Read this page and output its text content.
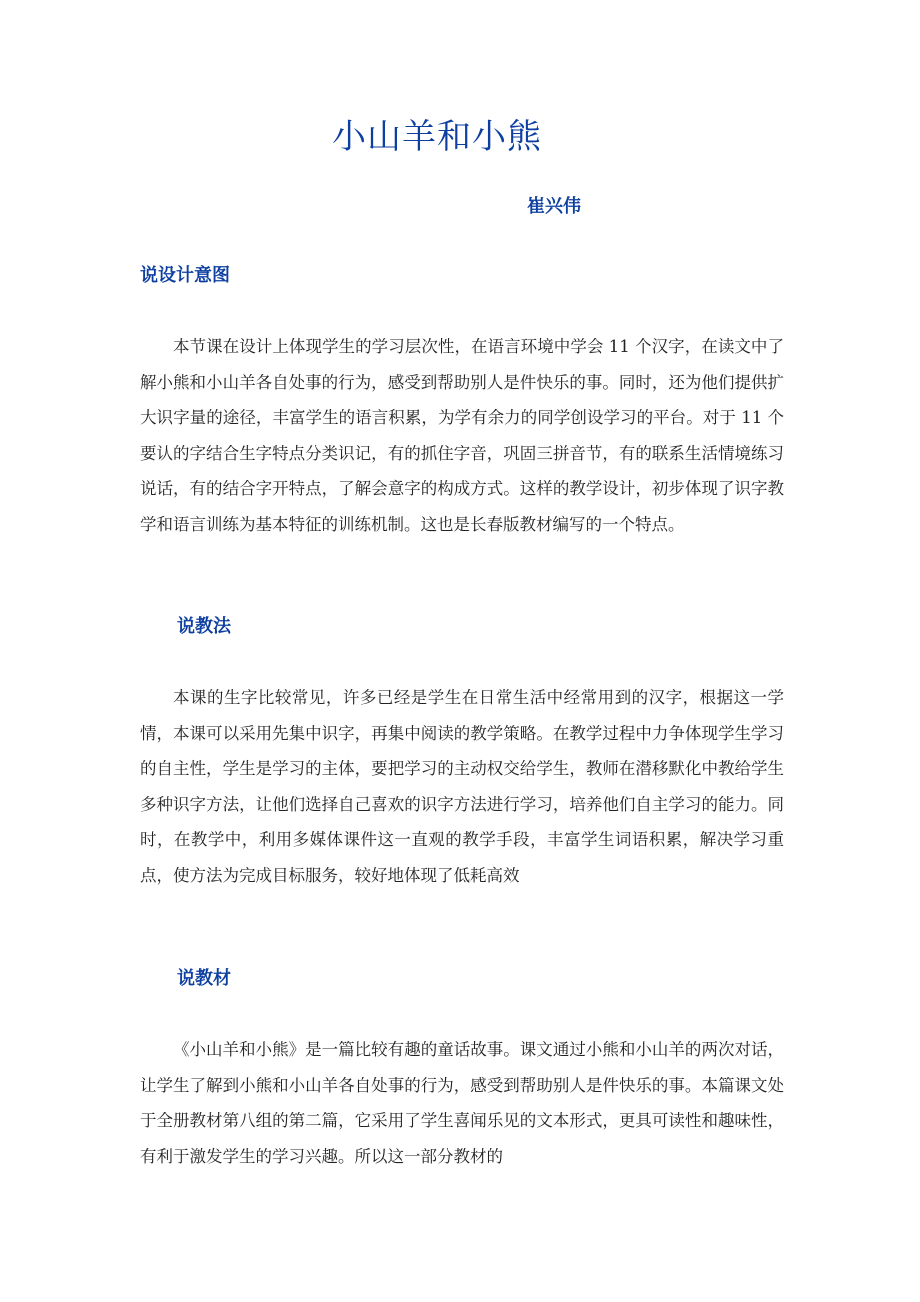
小山羊和小熊
崔兴伟
说设计意图
本节课在设计上体现学生的学习层次性，在语言环境中学会 11 个汉字，在读文中了解小熊和小山羊各自处事的行为，感受到帮助别人是件快乐的事。同时，还为他们提供扩大识字量的途径，丰富学生的语言积累，为学有余力的同学创设学习的平台。对于 11 个要认的字结合生字特点分类识记，有的抓住字音，巩固三拼音节，有的联系生活情境练习说话，有的结合字开特点，了解会意字的构成方式。这样的教学设计，初步体现了识字教学和语言训练为基本特征的训练机制。这也是长春版教材编写的一个特点。
说教法
本课的生字比较常见，许多已经是学生在日常生活中经常用到的汉字，根据这一学情，本课可以采用先集中识字，再集中阅读的教学策略。在教学过程中力争体现学生学习的自主性，学生是学习的主体，要把学习的主动权交给学生，教师在潜移默化中教给学生多种识字方法，让他们选择自己喜欢的识字方法进行学习，培养他们自主学习的能力。同时，在教学中，利用多媒体课件这一直观的教学手段，丰富学生词语积累，解决学习重点，使方法为完成目标服务，较好地体现了低耗高效
说教材
《小山羊和小熊》是一篇比较有趣的童话故事。课文通过小熊和小山羊的两次对话，让学生了解到小熊和小山羊各自处事的行为，感受到帮助别人是件快乐的事。本篇课文处于全册教材第八组的第二篇，它采用了学生喜闻乐见的文本形式，更具可读性和趣味性， 有利于激发学生的学习兴趣。所以这一部分教材的
